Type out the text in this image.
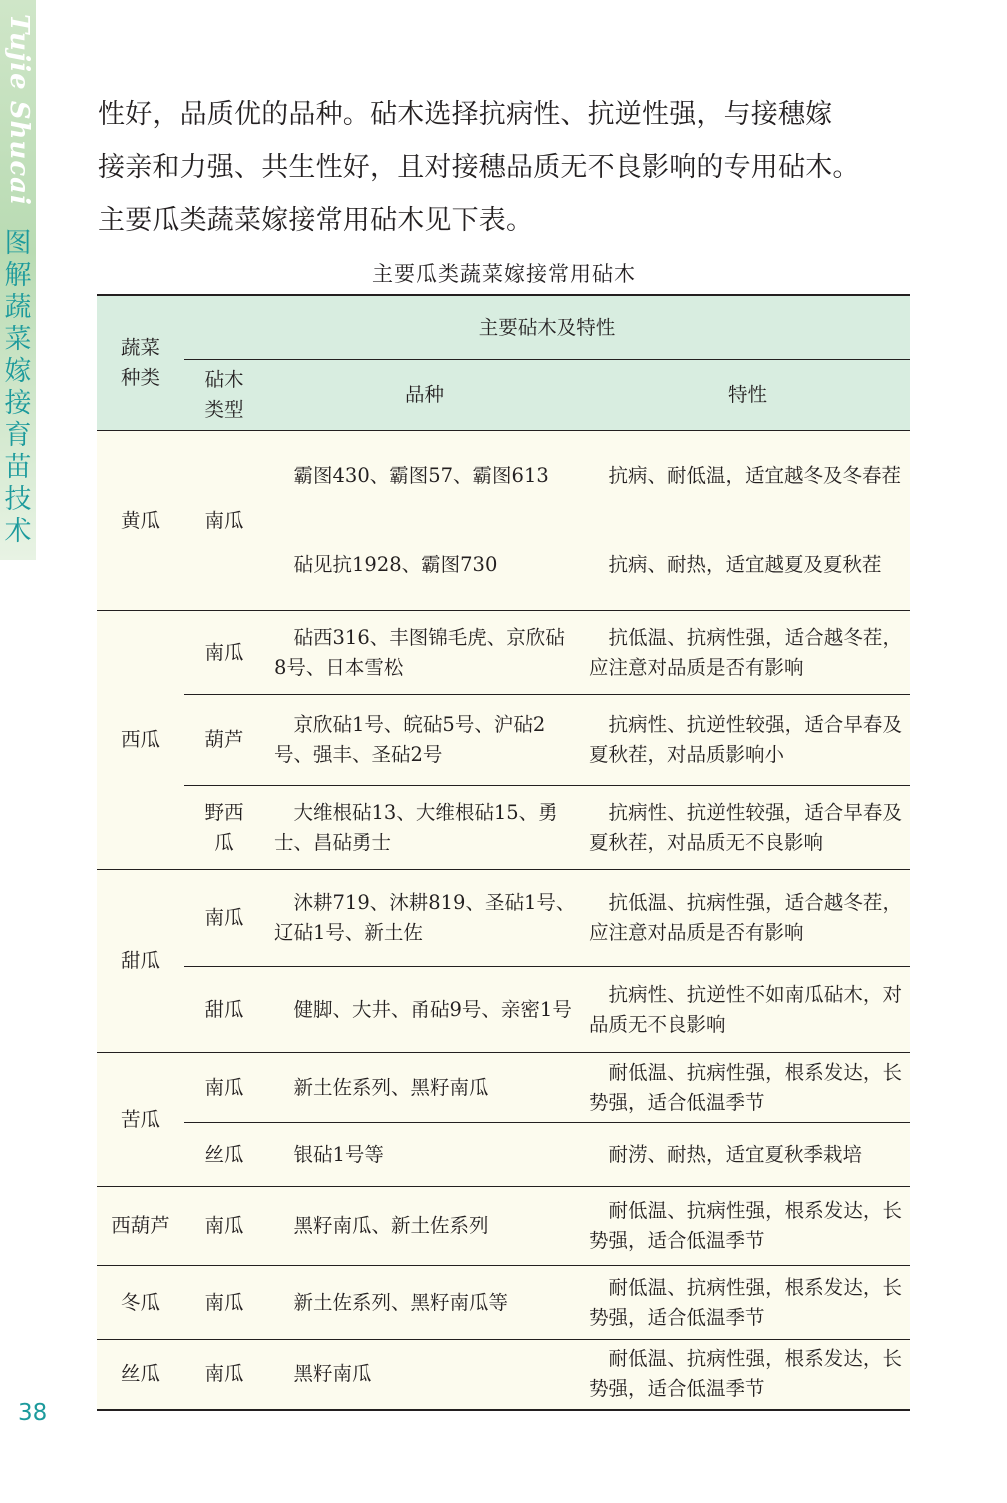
Tujie Shucai
图解蔬菜嫁接育苗技术
38

性好，品质优的品种。砧木选择抗病性、抗逆性强，与接穗嫁

接亲和力强、共生性好，且对接穗品质无不良影响的专用砧木。

主要瓜类蔬菜嫁接常用砧木见下表。

主要瓜类蔬菜嫁接常用砧木
蔬菜种类	主要砧木及特性		

	砧木类型	品种	特性
黄瓜	南瓜	霸图430、霸图57、霸图613	抗病、耐低温，适宜越冬及冬春茬
		砧见抗1928、霸图730	抗病、耐热，适宜越夏及夏秋茬
西瓜	南瓜	砧西316、丰图锦毛虎、京欣砧8号、日本雪松	抗低温、抗病性强，适合越冬茬，应注意对品质是否有影响
	葫芦	京欣砧1号、皖砧5号、沪砧2号、强丰、圣砧2号	抗病性、抗逆性较强，适合早春及夏秋茬，对品质影响小

	野西瓜	大维根砧13、大维根砧15、勇士、昌砧勇士	抗病性、抗逆性较强，适合早春及夏秋茬，对品质无不良影响
甜瓜	南瓜	沐耕719、沐耕819、圣砧1号、辽砧1号、新土佐	抗低温、抗病性强，适合越冬茬，应注意对品质是否有影响
	甜瓜	健脚、大井、甬砧9号、亲密1号	抗病性、抗逆性不如南瓜砧木，对品质无不良影响
苦瓜	南瓜	新土佐系列、黑籽南瓜	耐低温、抗病性强，根系发达，长势强，适合低温季节
	丝瓜	银砧1号等	耐涝、耐热，适宜夏秋季栽培
西葫芦	南瓜	黑籽南瓜、新土佐系列	耐低温、抗病性强，根系发达，长势强，适合低温季节
冬瓜	南瓜	新土佐系列、黑籽南瓜等	耐低温、抗病性强，根系发达，长势强，适合低温季节
丝瓜	南瓜	黑籽南瓜	耐低温、抗病性强，根系发达，长势强，适合低温季节
